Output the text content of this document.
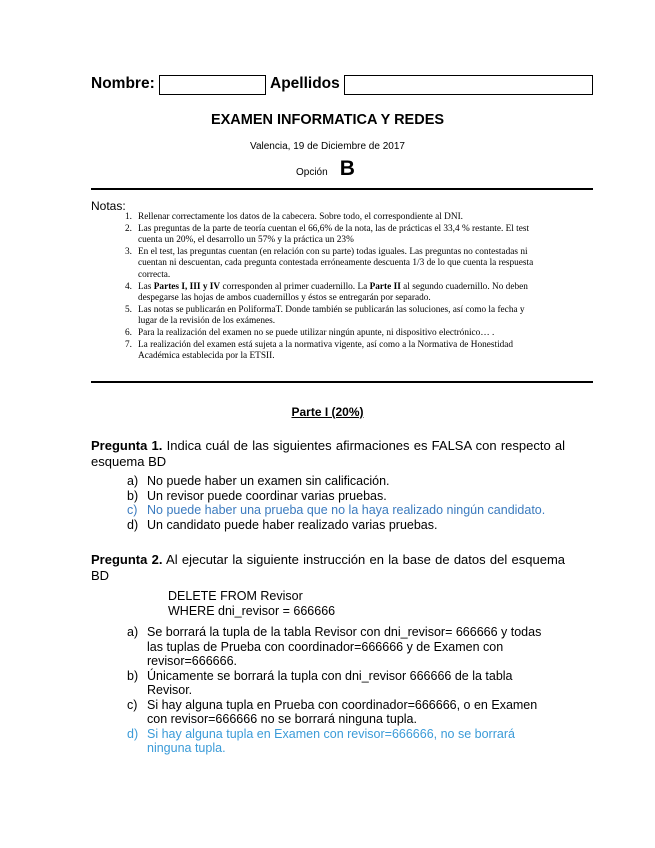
Nombre:	Apellidos
EXAMEN INFORMATICA Y REDES
Valencia, 19 de Diciembre de 2017
Opción B
Notas:
1. Rellenar correctamente los datos de la cabecera. Sobre todo, el correspondiente al DNI.
2. Las preguntas de la parte de teoría cuentan el 66,6% de la nota, las de prácticas el 33,4 % restante. El test cuenta un 20%, el desarrollo un 57% y la práctica un 23%
3. En el test, las preguntas cuentan (en relación con su parte) todas iguales. Las preguntas no contestadas ni cuentan ni descuentan, cada pregunta contestada erróneamente descuenta 1/3 de lo que cuenta la respuesta correcta.
4. Las Partes I, III y IV corresponden al primer cuadernillo. La Parte II al segundo cuadernillo. No deben despegarse las hojas de ambos cuadernillos y éstos se entregarán por separado.
5. Las notas se publicarán en PoliformaT. Donde también se publicarán las soluciones, así como la fecha y lugar de la revisión de los exámenes.
6. Para la realización del examen no se puede utilizar ningún apunte, ni dispositivo electrónico… .
7. La realización del examen está sujeta a la normativa vigente, así como a la Normativa de Honestidad Académica establecida por la ETSII.
Parte I (20%)
Pregunta 1. Indica cuál de las siguientes afirmaciones es FALSA con respecto al esquema BD
a) No puede haber un examen sin calificación.
b) Un revisor puede coordinar varias pruebas.
c) No puede haber una prueba que no la haya realizado ningún candidato.
d) Un candidato puede haber realizado varias pruebas.
Pregunta 2. Al ejecutar la siguiente instrucción en la base de datos del esquema BD
DELETE FROM Revisor
WHERE dni_revisor = 666666
a) Se borrará la tupla de la tabla Revisor con dni_revisor= 666666 y todas las tuplas de Prueba con coordinador=666666 y de Examen con revisor=666666.
b) Únicamente se borrará la tupla con dni_revisor 666666 de la tabla Revisor.
c) Si hay alguna tupla en Prueba con coordinador=666666, o en Examen con revisor=666666 no se borrará ninguna tupla.
d) Si hay alguna tupla en Examen con revisor=666666, no se borrará ninguna tupla.
